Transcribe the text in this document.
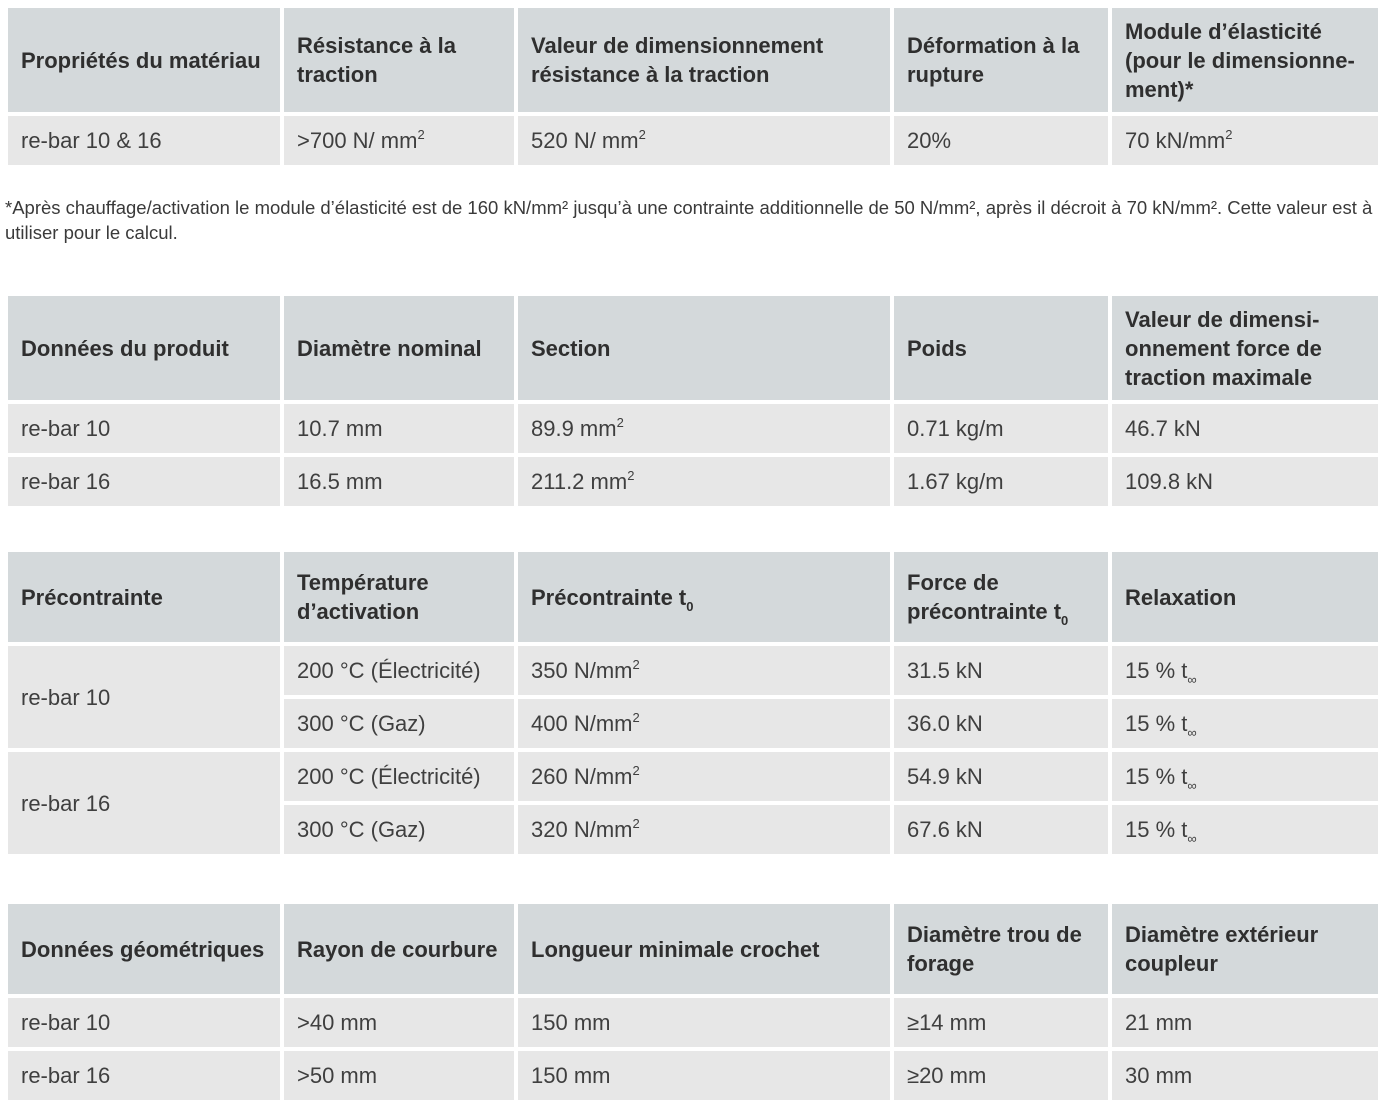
Propriétés du matériau	Résistance à la traction	Valeur de dimensionnement résistance à la traction	Déformation à la rupture	Module d’élasticité (pour le dimensionne-ment)*
re-bar 10 & 16	>700 N/ $mm^2$	520 N/ $mm^2$	20%	70 $kN/mm^2$

*Après chauffage/activation le module d’élasticité est de 160 kN/mm² jusqu’à une contrainte additionnelle de 50 N/mm², après il décroit à 70 kN/mm². Cette valeur est à utiliser pour le calcul.

Données du produit	Diamètre nominal	Section	Poids	Valeur de dimensi-onnement force de traction maximale
re-bar 10	10.7 mm	89.9 $mm^2$	0.71 kg/m	46.7 kN
re-bar 16	16.5 mm	211.2 $mm^2$	1.67 kg/m	109.8 kN
Précontrainte	Température d’activation	Précontrainte $t_0$	Force de précontrainte $t_0$	Relaxation
re-bar 10	200 °C (Électricité)	350 $N/mm^2$	31.5 kN	15 % $t_\infty$
	300 °C (Gaz)	400 $N/mm^2$	36.0 kN	15 % $t_\infty$
re-bar 16	200 °C (Électricité)	260 $N/mm^2$	54.9 kN	15 % $t_\infty$
	300 °C (Gaz)	320 $N/mm^2$	67.6 kN	15 % $t_\infty$
Données géométriques	Rayon de courbure	Longueur minimale crochet	Diamètre trou de forage	Diamètre extérieur coupleur
re-bar 10	>40 mm	150 mm	≥14 mm	21 mm
re-bar 16	>50 mm	150 mm	≥20 mm	30 mm
